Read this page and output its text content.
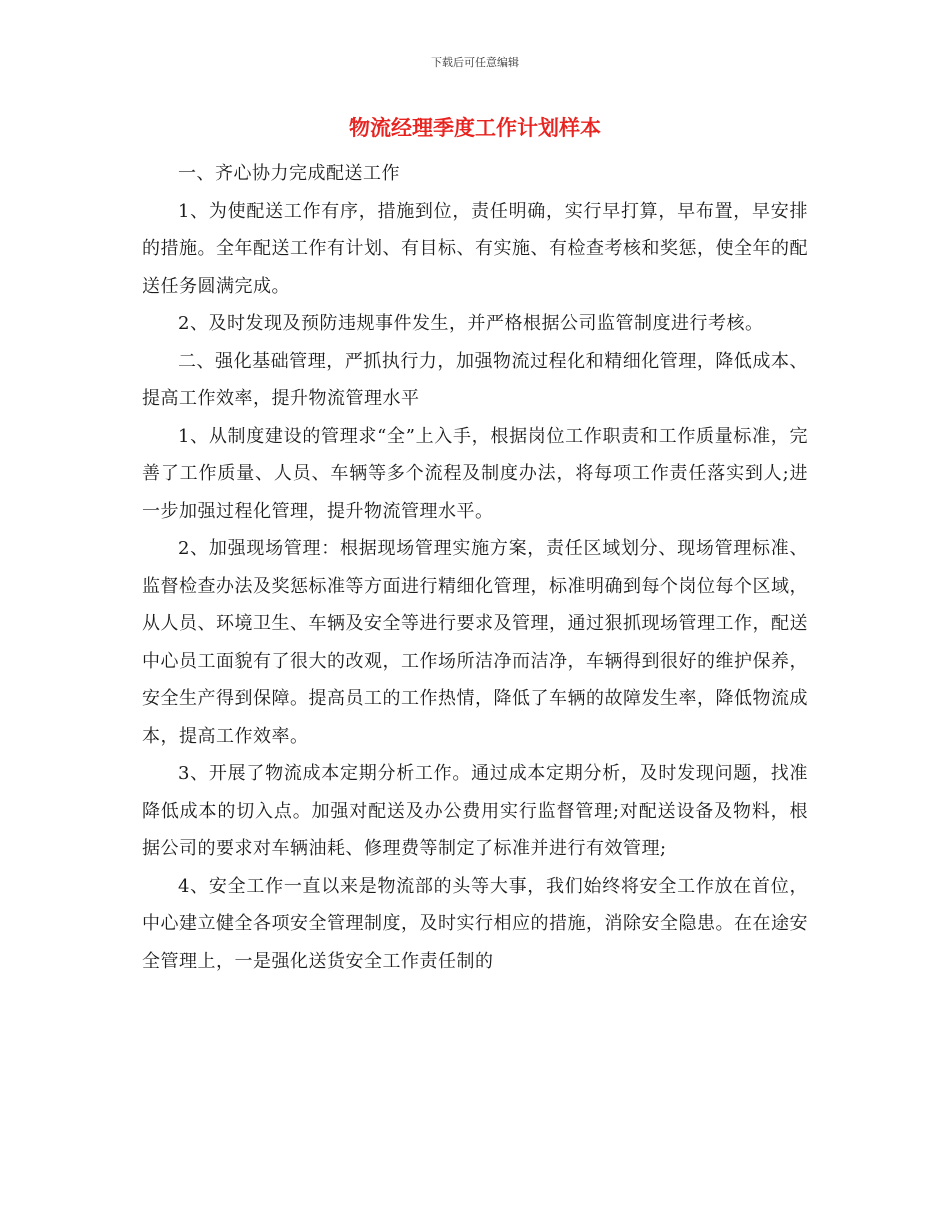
下载后可任意编辑
物流经理季度工作计划样本

一、齐心协力完成配送工作

1、为使配送工作有序，措施到位，责任明确，实行早打算，早布置，早安排的措施。全年配送工作有计划、有目标、有实施、有检查考核和奖惩，使全年的配送任务圆满完成。

2、及时发现及预防违规事件发生，并严格根据公司监管制度进行考核。

二、强化基础管理，严抓执行力，加强物流过程化和精细化管理，降低成本、提高工作效率，提升物流管理水平

1、从制度建设的管理求“全”上入手，根据岗位工作职责和工作质量标准，完善了工作质量、人员、车辆等多个流程及制度办法，将每项工作责任落实到人;进一步加强过程化管理，提升物流管理水平。

2、加强现场管理：根据现场管理实施方案，责任区域划分、现场管理标准、监督检查办法及奖惩标准等方面进行精细化管理，标准明确到每个岗位每个区域，从人员、环境卫生、车辆及安全等进行要求及管理，通过狠抓现场管理工作，配送中心员工面貌有了很大的改观，工作场所洁净而洁净，车辆得到很好的维护保养，安全生产得到保障。提高员工的工作热情，降低了车辆的故障发生率，降低物流成本，提高工作效率。

3、开展了物流成本定期分析工作。通过成本定期分析，及时发现问题，找准降低成本的切入点。加强对配送及办公费用实行监督管理;对配送设备及物料，根据公司的要求对车辆油耗、修理费等制定了标准并进行有效管理;

4、安全工作一直以来是物流部的头等大事，我们始终将安全工作放在首位，中心建立健全各项安全管理制度，及时实行相应的措施，消除安全隐患。在在途安全管理上，一是强化送货安全工作责任制的
